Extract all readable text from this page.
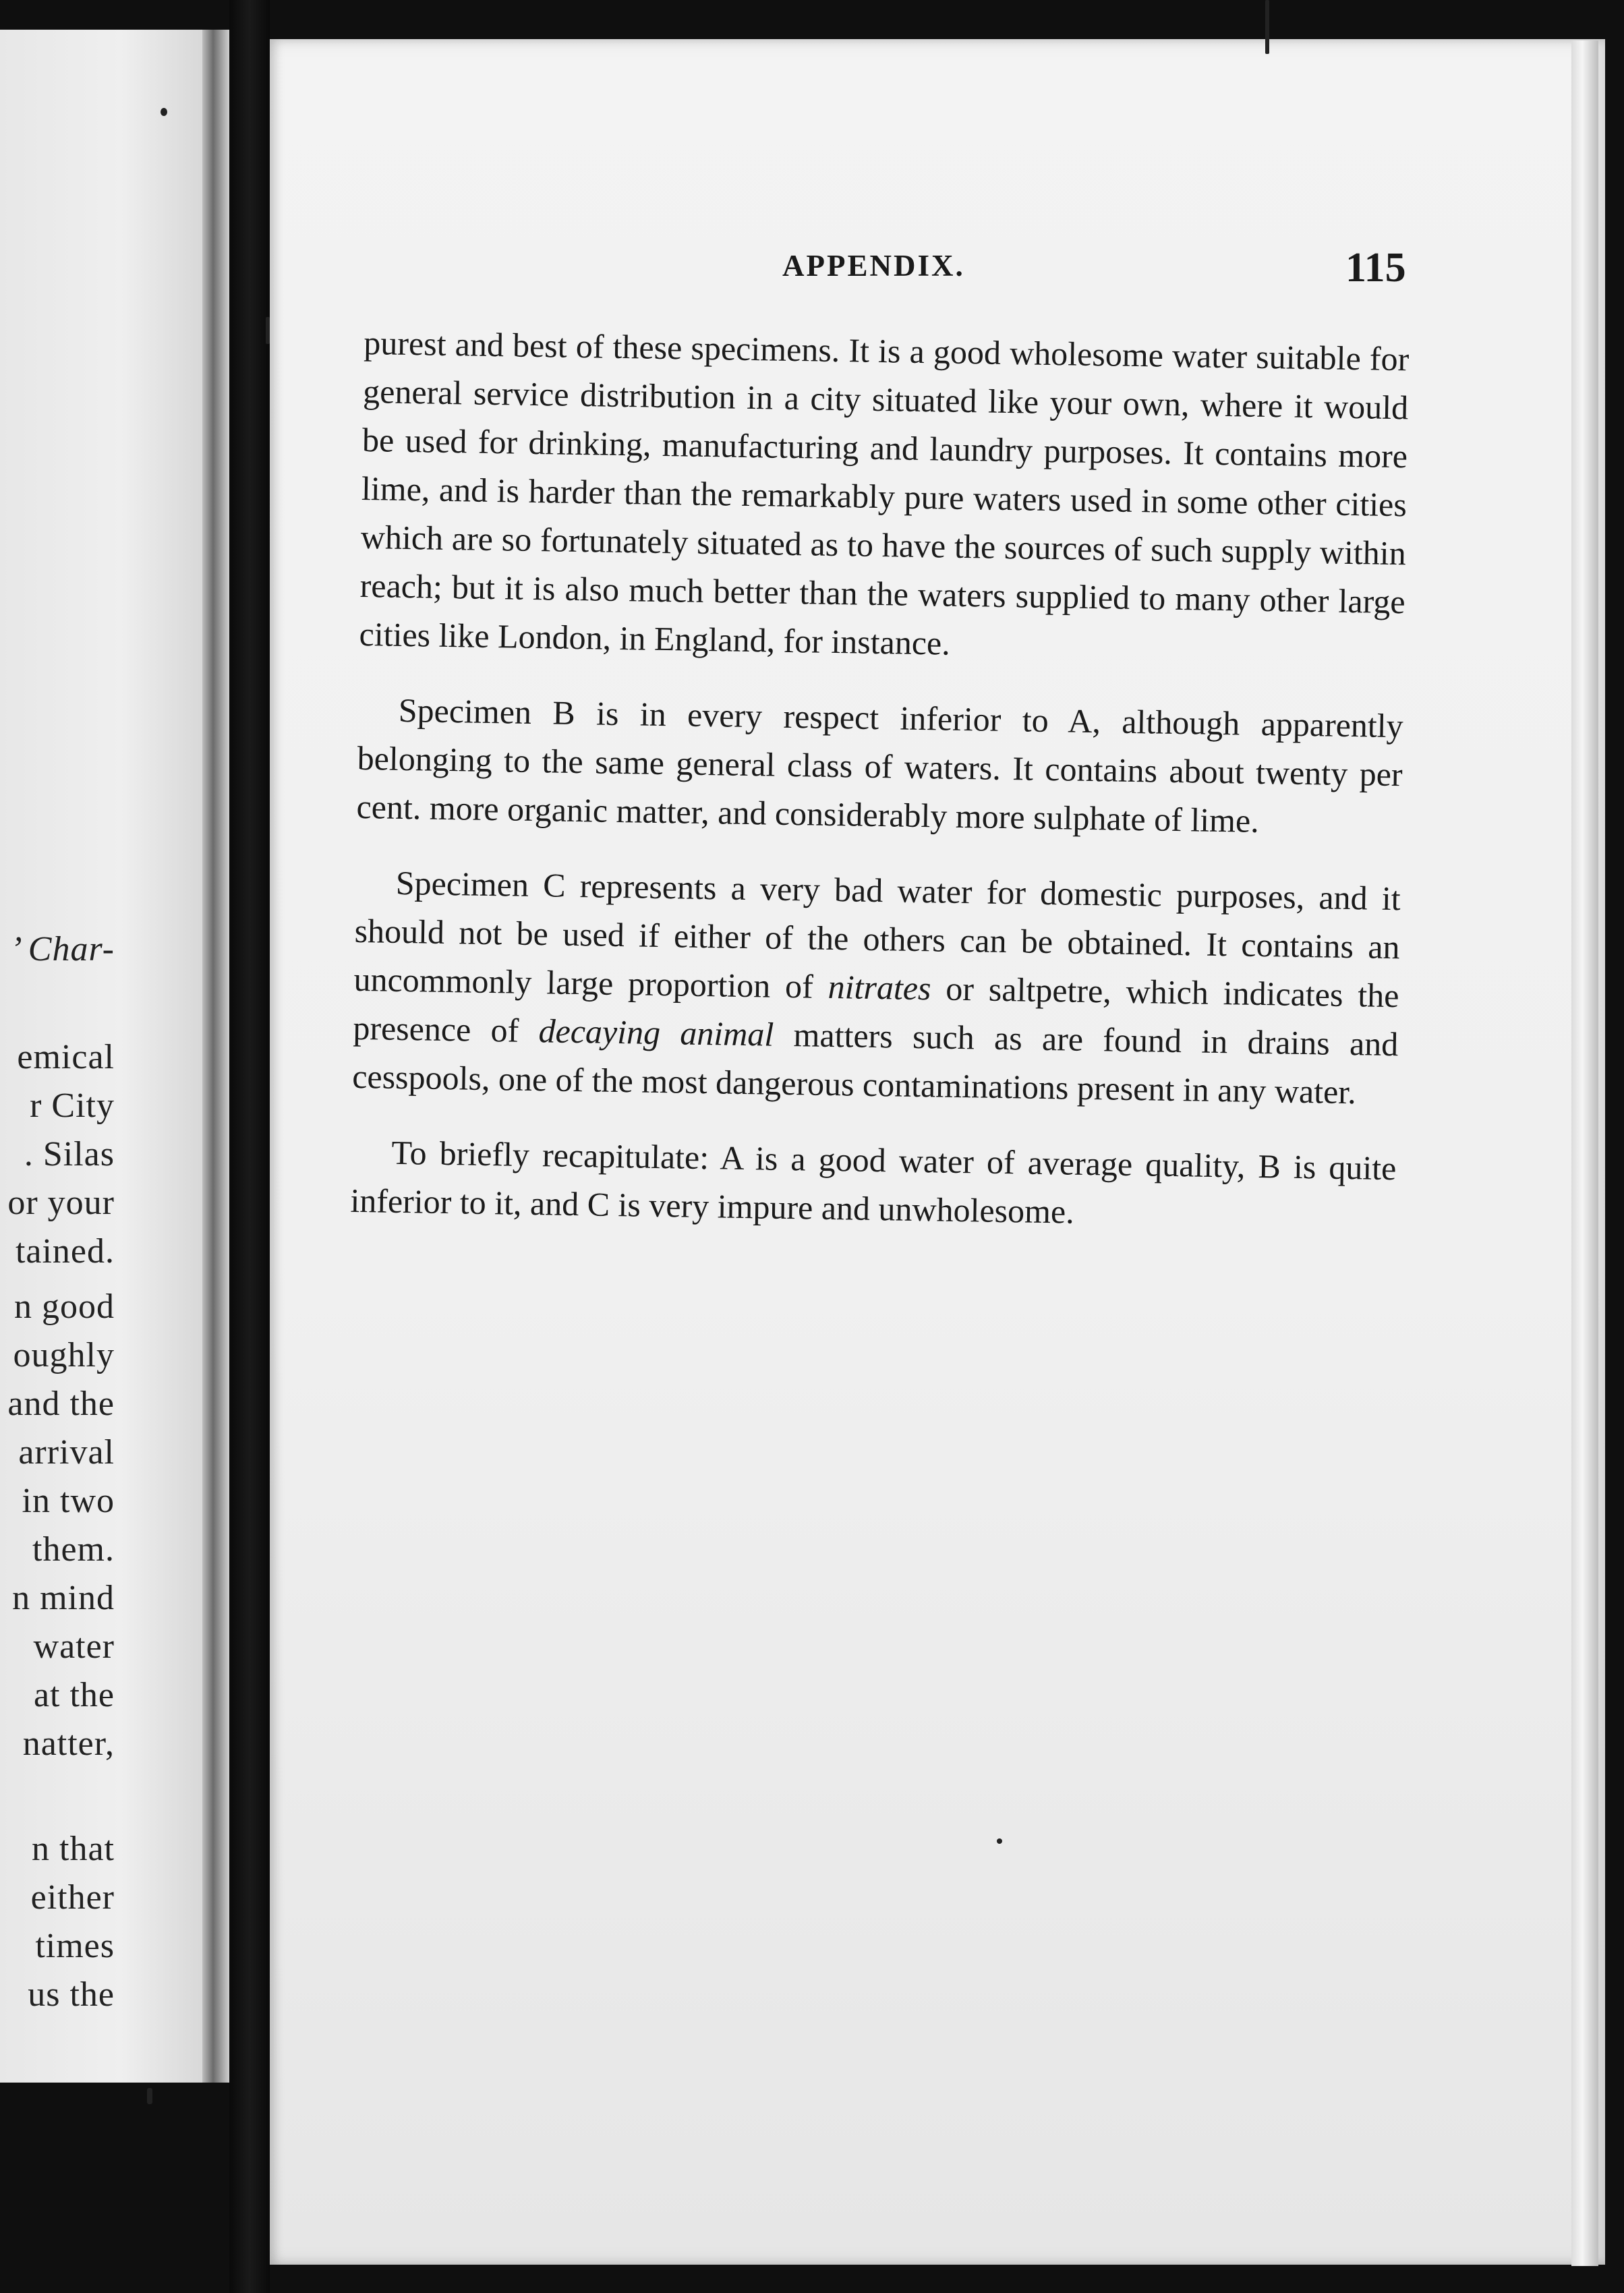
’ Char-
emical
r City
. Silas
or your
tained.
n good
oughly
and the
arrival
in two
them.
n mind
water
at the
natter,
n that
either
times
us the
APPENDIX.	115

purest and best of these specimens. It is a good wholesome water suitable for general service distribution in a city situated like your own, where it would be used for drinking, manufacturing and laundry purposes. It contains more lime, and is harder than the remarkably pure waters used in some other cities which are so fortunately situated as to have the sources of such supply within reach; but it is also much better than the waters supplied to many other large cities like London, in England, for instance.

Specimen B is in every respect inferior to A, although apparently belonging to the same general class of waters. It contains about twenty per cent. more organic matter, and considerably more sulphate of lime.

Specimen C represents a very bad water for domestic purposes, and it should not be used if either of the others can be obtained. It contains an uncommonly large proportion of nitrates or saltpetre, which indicates the presence of decaying animal matters such as are found in drains and cesspools, one of the most dangerous contaminations present in any water.

To briefly recapitulate: A is a good water of average quality, B is quite inferior to it, and C is very impure and unwholesome.
